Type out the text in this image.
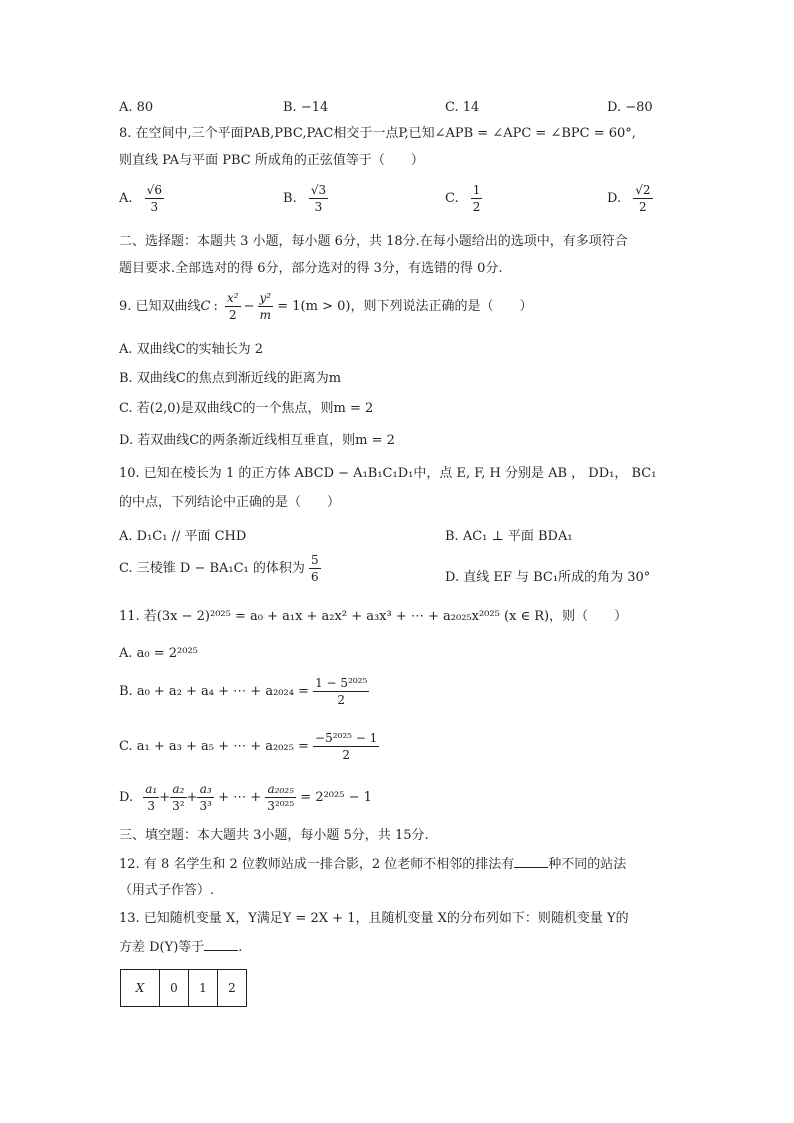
A. 80	B. −14	C. 14	D. −80
8. 在空间中,三个平面PAB,PBC,PAC相交于一点P,已知∠APB = ∠APC = ∠BPC = 60°,
则直线 PA与平面 PBC 所成角的正弦值等于（　　）
A. $\frac{√6}{3}$	B. $\frac{√3}{3}$	C. $\frac{1}{2}$	D. $\frac{√2}{2}$
二、选择题：本题共 3 小题，每小题 6分，共 18分.在每小题给出的选项中，有多项符合
题目要求.全部选对的得 6分，部分选对的得 3分，有选错的得 0分.
9. 已知双曲线C : $\frac{\text{x²}}{2} - \frac{\text{y²}}{m} = 1(m > 0)$，则下列说法正确的是（　　）
A. 双曲线C的实轴长为 2
B. 双曲线C的焦点到渐近线的距离为m
C. 若(2,0)是双曲线C的一个焦点，则m = 2
D. 若双曲线C的两条渐近线相互垂直，则m = 2
10. 已知在棱长为 1 的正方体 ABCD − A₁B₁C₁D₁中，点 E, F, H 分别是 AB ， DD₁， BC₁
的中点，下列结论中正确的是（　　）
A. D₁C₁ // 平面 CHD	B. AC₁ ⊥ 平面 BDA₁
C. 三棱锥 D − BA₁C₁ 的体积为 $\frac{5}{6}$	D. 直线 EF 与 BC₁所成的角为 30°
11. 若(3x − 2)²⁰²⁵ = a₀ + a₁x + a₂x² + a₃x³ + ⋯ + a₂₀₂₅x²⁰²⁵ (x ∈ R)，则（　　）
A. a₀ = 2²⁰²⁵
B. a₀ + a₂ + a₄ + ⋯ + $a_{2024} = \frac{\text{1 − 5²⁰²⁵}}{2}$
C. a₁ + a₃ + a₅ + ⋯ + $a_{2025} = \frac{\text{−5²⁰²⁵ − 1}}{2}$
D. $\frac{\text{a₁}}{3} + \frac{\text{a₂}}{\text{3²}} + \frac{\text{a₃}}{\text{3³}}$ + ⋯ + $\frac{\text{a₂₀₂₅}}{\text{3²⁰²⁵}} = 2^{2025} - 1$
三、填空题：本大题共 3小题，每小题 5分，共 15分.
12. 有 8 名学生和 2 位教师站成一排合影，2 位老师不相邻的排法有	种不同的站法
（用式子作答）.
13. 已知随机变量 X，Y满足Y = 2X + 1，且随机变量 X的分布列如下：则随机变量 Y的
方差 D(Y)等于	.
X	0	1	2
